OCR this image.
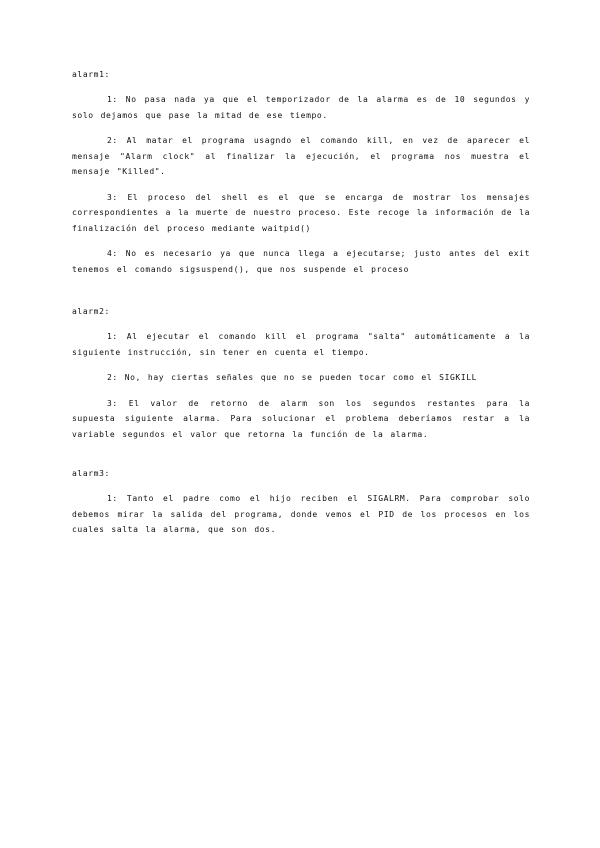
alarm1:

1: No pasa nada ya que el temporizador de la alarma es de 10 segundos y solo dejamos que pase la mitad de ese tiempo.

2: Al matar el programa usagndo el comando kill, en vez de aparecer el mensaje "Alarm clock" al finalizar la ejecución, el programa nos muestra el mensaje "Killed".

3: El proceso del shell es el que se encarga de mostrar los mensajes correspondientes a la muerte de nuestro proceso. Este recoge la información de la finalización del proceso mediante waitpid()

4: No es necesario ya que nunca llega a ejecutarse; justo antes del exit tenemos el comando sigsuspend(), que nos suspende el proceso

alarm2:

1: Al ejecutar el comando kill el programa "salta" automáticamente a la siguiente instrucción, sin tener en cuenta el tiempo.

2: No, hay ciertas señales que no se pueden tocar como el SIGKILL

3: El valor de retorno de alarm son los segundos restantes para la supuesta siguiente alarma. Para solucionar el problema deberíamos restar a la variable segundos el valor que retorna la función de la alarma.

alarm3:

1: Tanto el padre como el hijo reciben el SIGALRM. Para comprobar solo debemos mirar la salida del programa, donde vemos el PID de los procesos en los cuales salta la alarma, que son dos.
